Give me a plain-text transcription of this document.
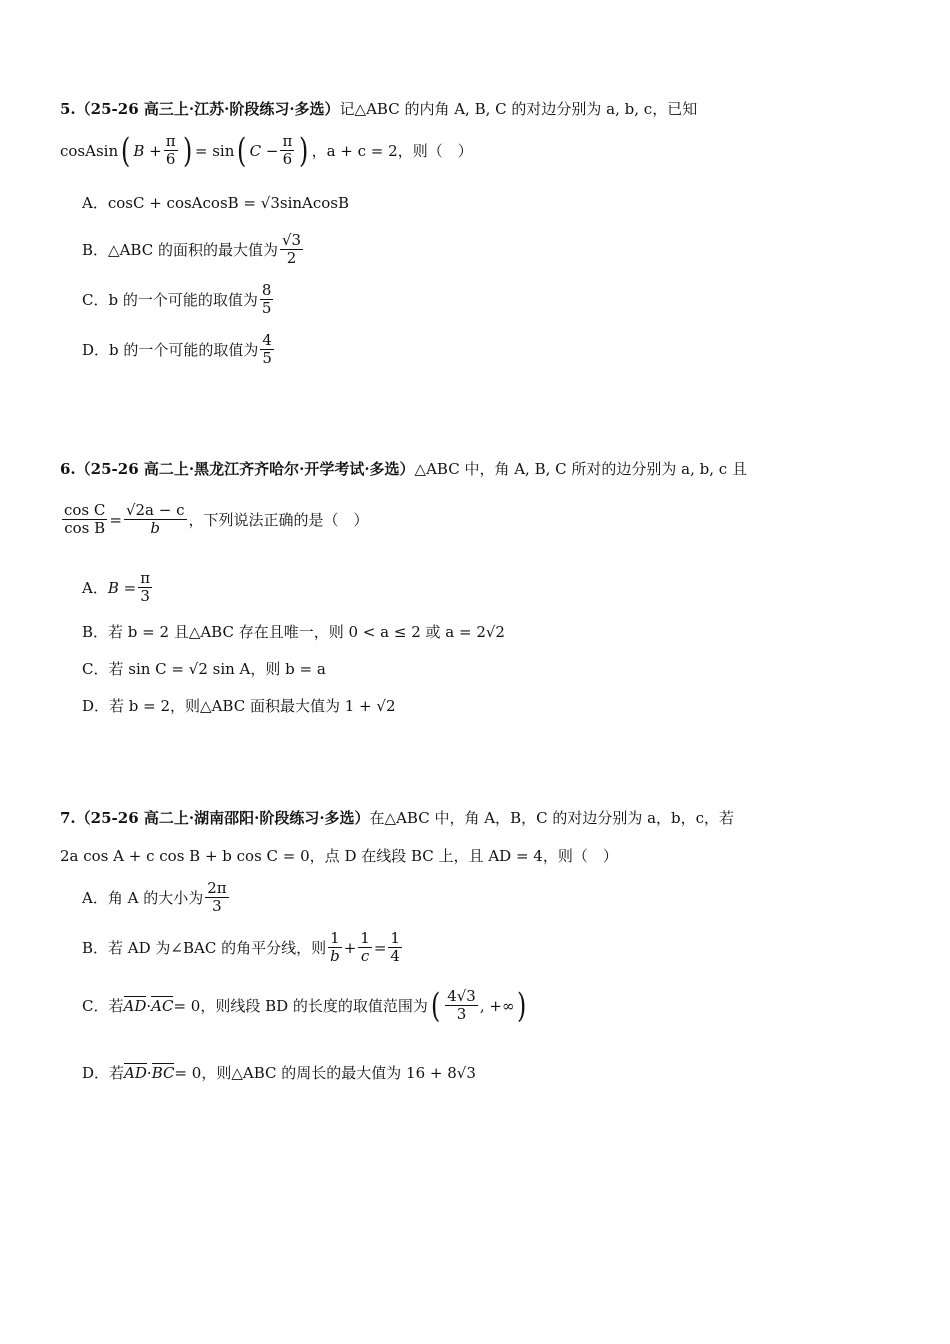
5. （25-26 高三上·江苏·阶段练习·多选） 记△ABC 的内角 A, B, C 的对边分别为 a, b, c，已知
cosAsin ( $B + \frac{\pi}{6}$ ) = sin ( $C - \frac{\pi}{6}$ ) ，a + c = 2，则（　）
A． cosC + cosAcosB = √3sinAcosB
B． △ABC 的面积的最大值为 $\frac{√3}{2}$
C． b 的一个可能的取值为 $\frac{8}{5}$
D． b 的一个可能的取值为 $\frac{4}{5}$
6. （25-26 高二上·黑龙江齐齐哈尔·开学考试·多选） △ABC 中，角 A, B, C 所对的边分别为 a, b, c 且
$\frac{\text{cos C}}{\text{cos B}} = \frac{√2a - c}{b}$ ，下列说法正确的是（　）
A． $B = \frac{\pi}{3}$
B． 若 b = 2 且△ABC 存在且唯一，则 0 < a ≤ 2 或 a = 2√2
C． 若 sin C = √2 sin A，则 b = a
D． 若 b = 2，则△ABC 面积最大值为 1 + √2
7. （25-26 高二上·湖南邵阳·阶段练习·多选） 在△ABC 中，角 A，B，C 的对边分别为 a，b，c，若
2a cos A + c cos B + b cos C = 0，点 D 在线段 BC 上，且 AD = 4，则（　）
A． 角 A 的大小为 $\frac{2\pi}{3}$
B． 若 AD 为∠BAC 的角平分线，则 $\frac{1}{b} + \frac{1}{c} = \frac{1}{4}$
C． 若 AD · AC = 0 ，则线段 BD 的长度的取值范围为 ( $\frac{4√3}{3}$ , +∞ )
D． 若 AD · BC = 0 ，则△ABC 的周长的最大值为 16 + 8√3
